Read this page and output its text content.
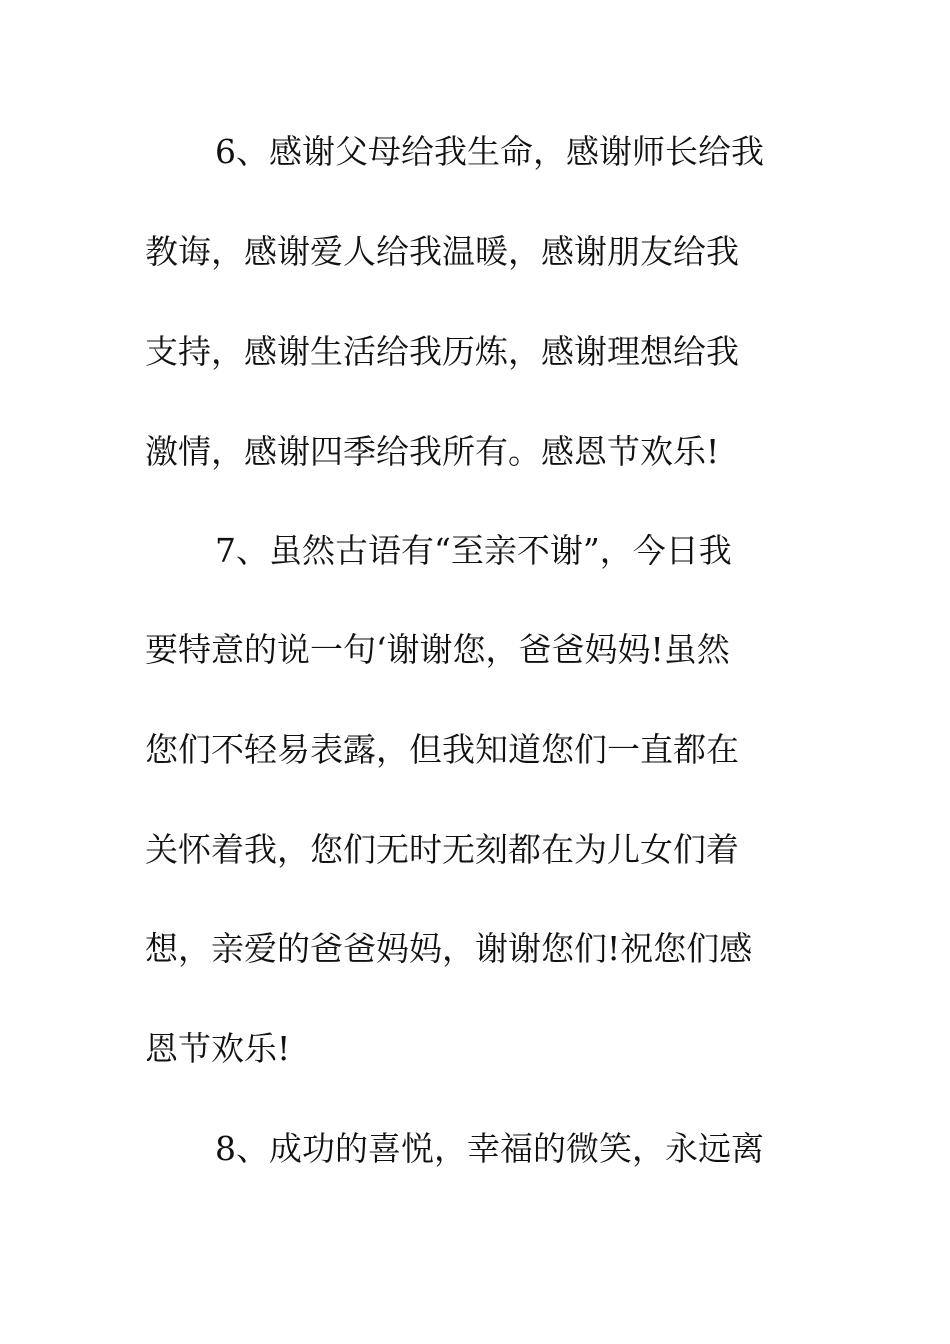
6、感谢父母给我生命，感谢师长给我
教诲，感谢爱人给我温暖，感谢朋友给我
支持，感谢生活给我历炼，感谢理想给我
激情，感谢四季给我所有。感恩节欢乐!
7、虽然古语有“至亲不谢”，今日我
要特意的说一句‘谢谢您，爸爸妈妈!虽然
您们不轻易表露，但我知道您们一直都在
关怀着我，您们无时无刻都在为儿女们着
想，亲爱的爸爸妈妈，谢谢您们!祝您们感
恩节欢乐!
8、成功的喜悦，幸福的微笑，永远离
